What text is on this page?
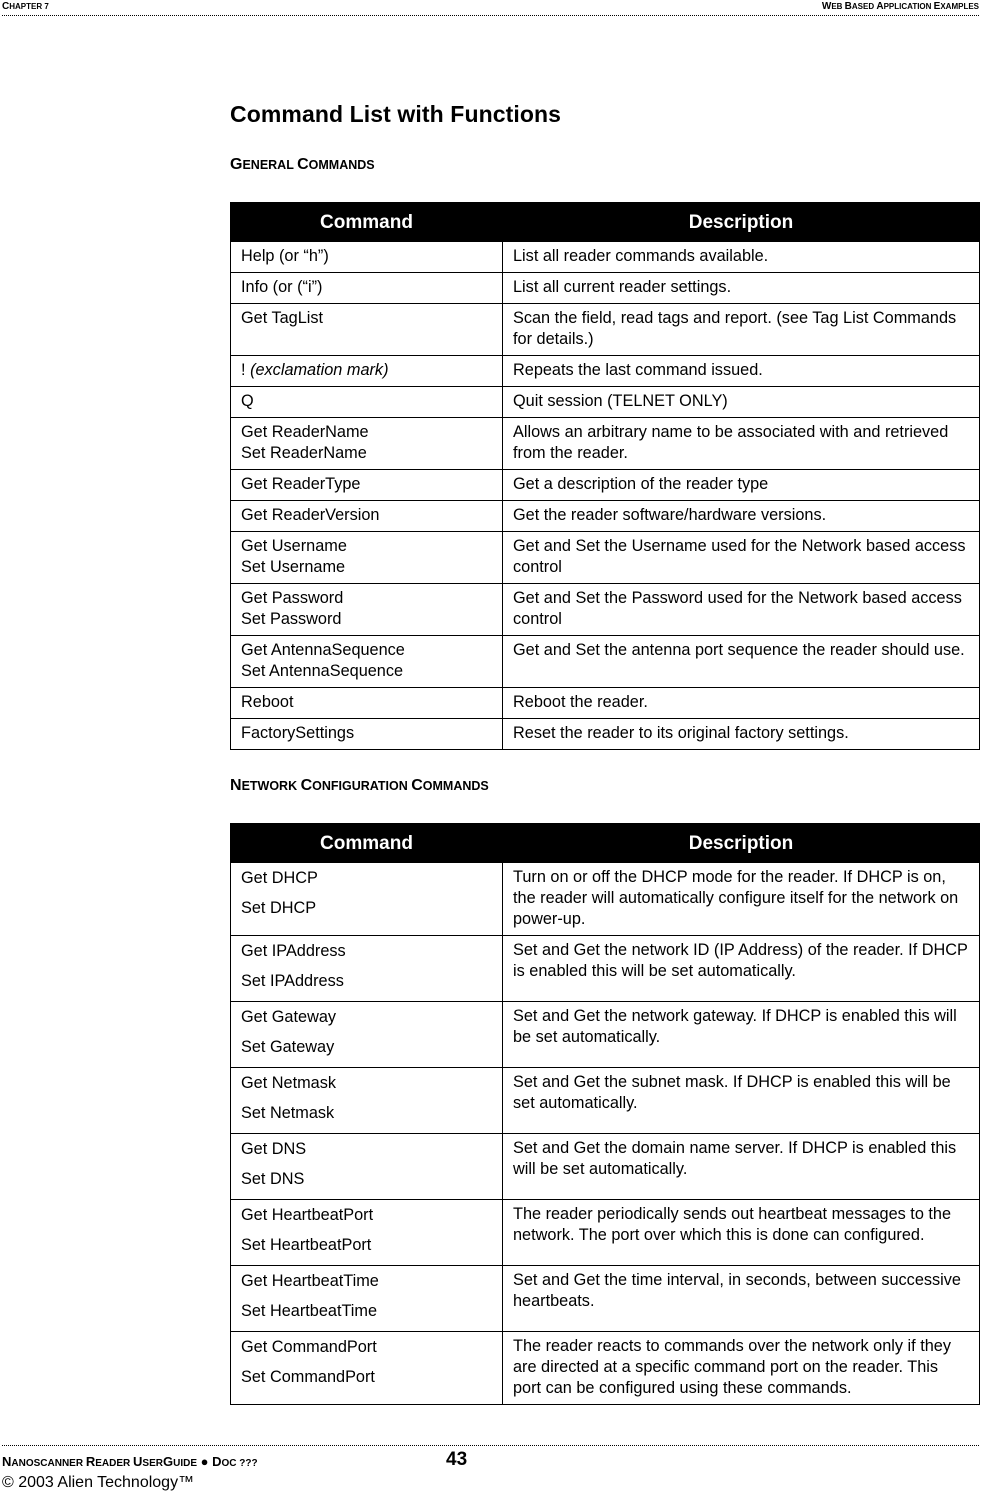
CHAPTER 7	WEB BASED APPLICATION EXAMPLES
Command List with Functions
GENERAL COMMANDS
Command	Description

Help (or “h”)	List all reader commands available.

Info (or (“i”)	List all current reader settings.

Get TagList	Scan the field, read tags and report. (see Tag List Commands for details.)

! (exclamation mark)	Repeats the last command issued.

Q	Quit session (TELNET ONLY)

Get ReaderName
Set ReaderName	Allows an arbitrary name to be associated with and retrieved from the reader.

Get ReaderType	Get a description of the reader type

Get ReaderVersion	Get the reader software/hardware versions.

Get Username
Set Username	Get and Set the Username used for the Network based access control

Get Password
Set Password	Get and Set the Password used for the Network based access control

Get AntennaSequence
Set AntennaSequence	Get and Set the antenna port sequence the reader should use.

Reboot	Reboot the reader.

FactorySettings	Reset the reader to its original factory settings.
NETWORK CONFIGURATION COMMANDS
Command	Description

Get DHCP
Set DHCP	Turn on or off the DHCP mode for the reader. If DHCP is on, the reader will automatically configure itself for the network on power-up.

Get IPAddress
Set IPAddress	Set and Get the network ID (IP Address) of the reader. If DHCP is enabled this will be set automatically.

Get Gateway
Set Gateway	Set and Get the network gateway. If DHCP is enabled this will be set automatically.

Get Netmask
Set Netmask	Set and Get the subnet mask. If DHCP is enabled this will be set automatically.

Get DNS
Set DNS	Set and Get the domain name server. If DHCP is enabled this will be set automatically.

Get HeartbeatPort
Set HeartbeatPort	The reader periodically sends out heartbeat messages to the network. The port over which this is done can configured.

Get HeartbeatTime
Set HeartbeatTime	Set and Get the time interval, in seconds, between successive heartbeats.

Get CommandPort
Set CommandPort	The reader reacts to commands over the network only if they are directed at a specific command port on the reader. This port can be configured using these commands.
NANOSCANNER READER USERGUIDE ● DOC ???	43
© 2003 Alien Technology™
